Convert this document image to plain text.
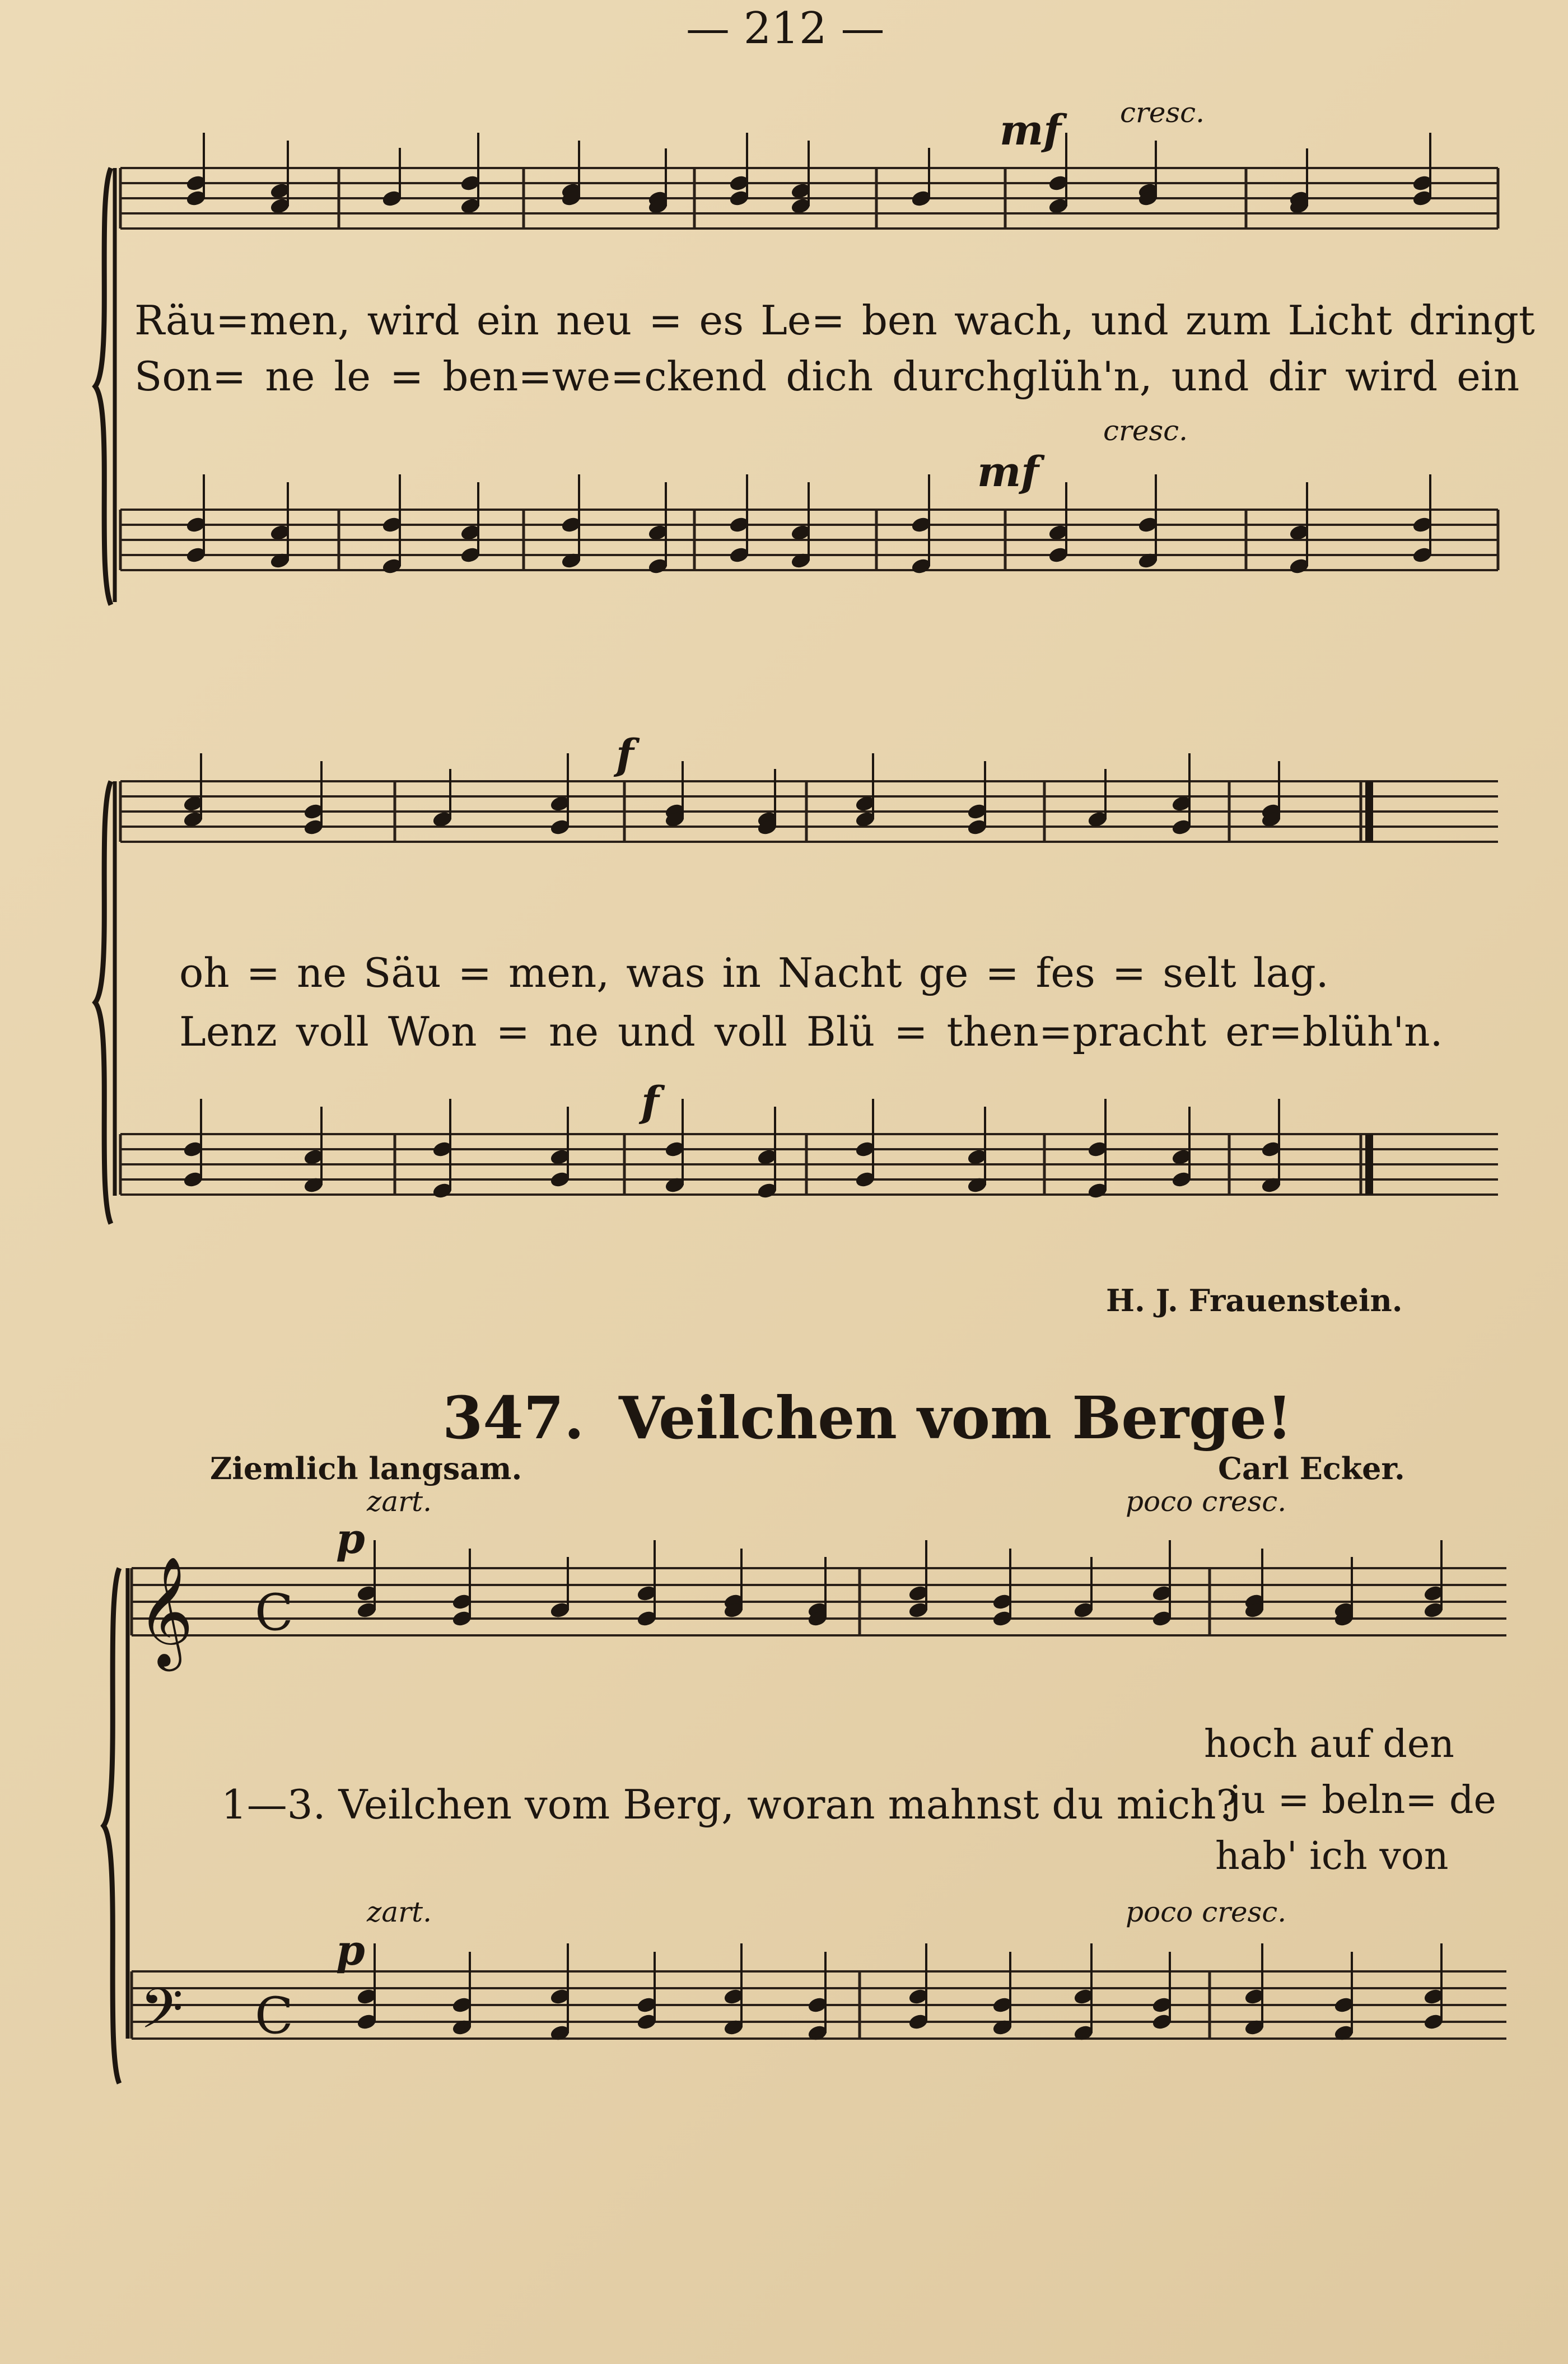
— 212 —
𝄞
𝄢
C
C
mf cresc.
mf
cresc.
Räu=men, wird ein neu = es Le= ben wach, und zum Licht dringt
Son= ne le = ben=we=ckend dich durchglüh'n, und dir wird ein
f
f
oh = ne Säu = men, was in Nacht ge = fes = selt lag.
Lenz voll Won = ne und voll Blü = then=pracht er=blüh'n.
H. J. Frauenstein.
347. Veilchen vom Berge!
Ziemlich langsam.	Carl Ecker.
zart.	poco cresc.
p
1—3. Veilchen vom Berg, woran mahnst du mich?
hoch auf den
ju = beln= de
hab' ich von
zart.	poco cresc.
p
